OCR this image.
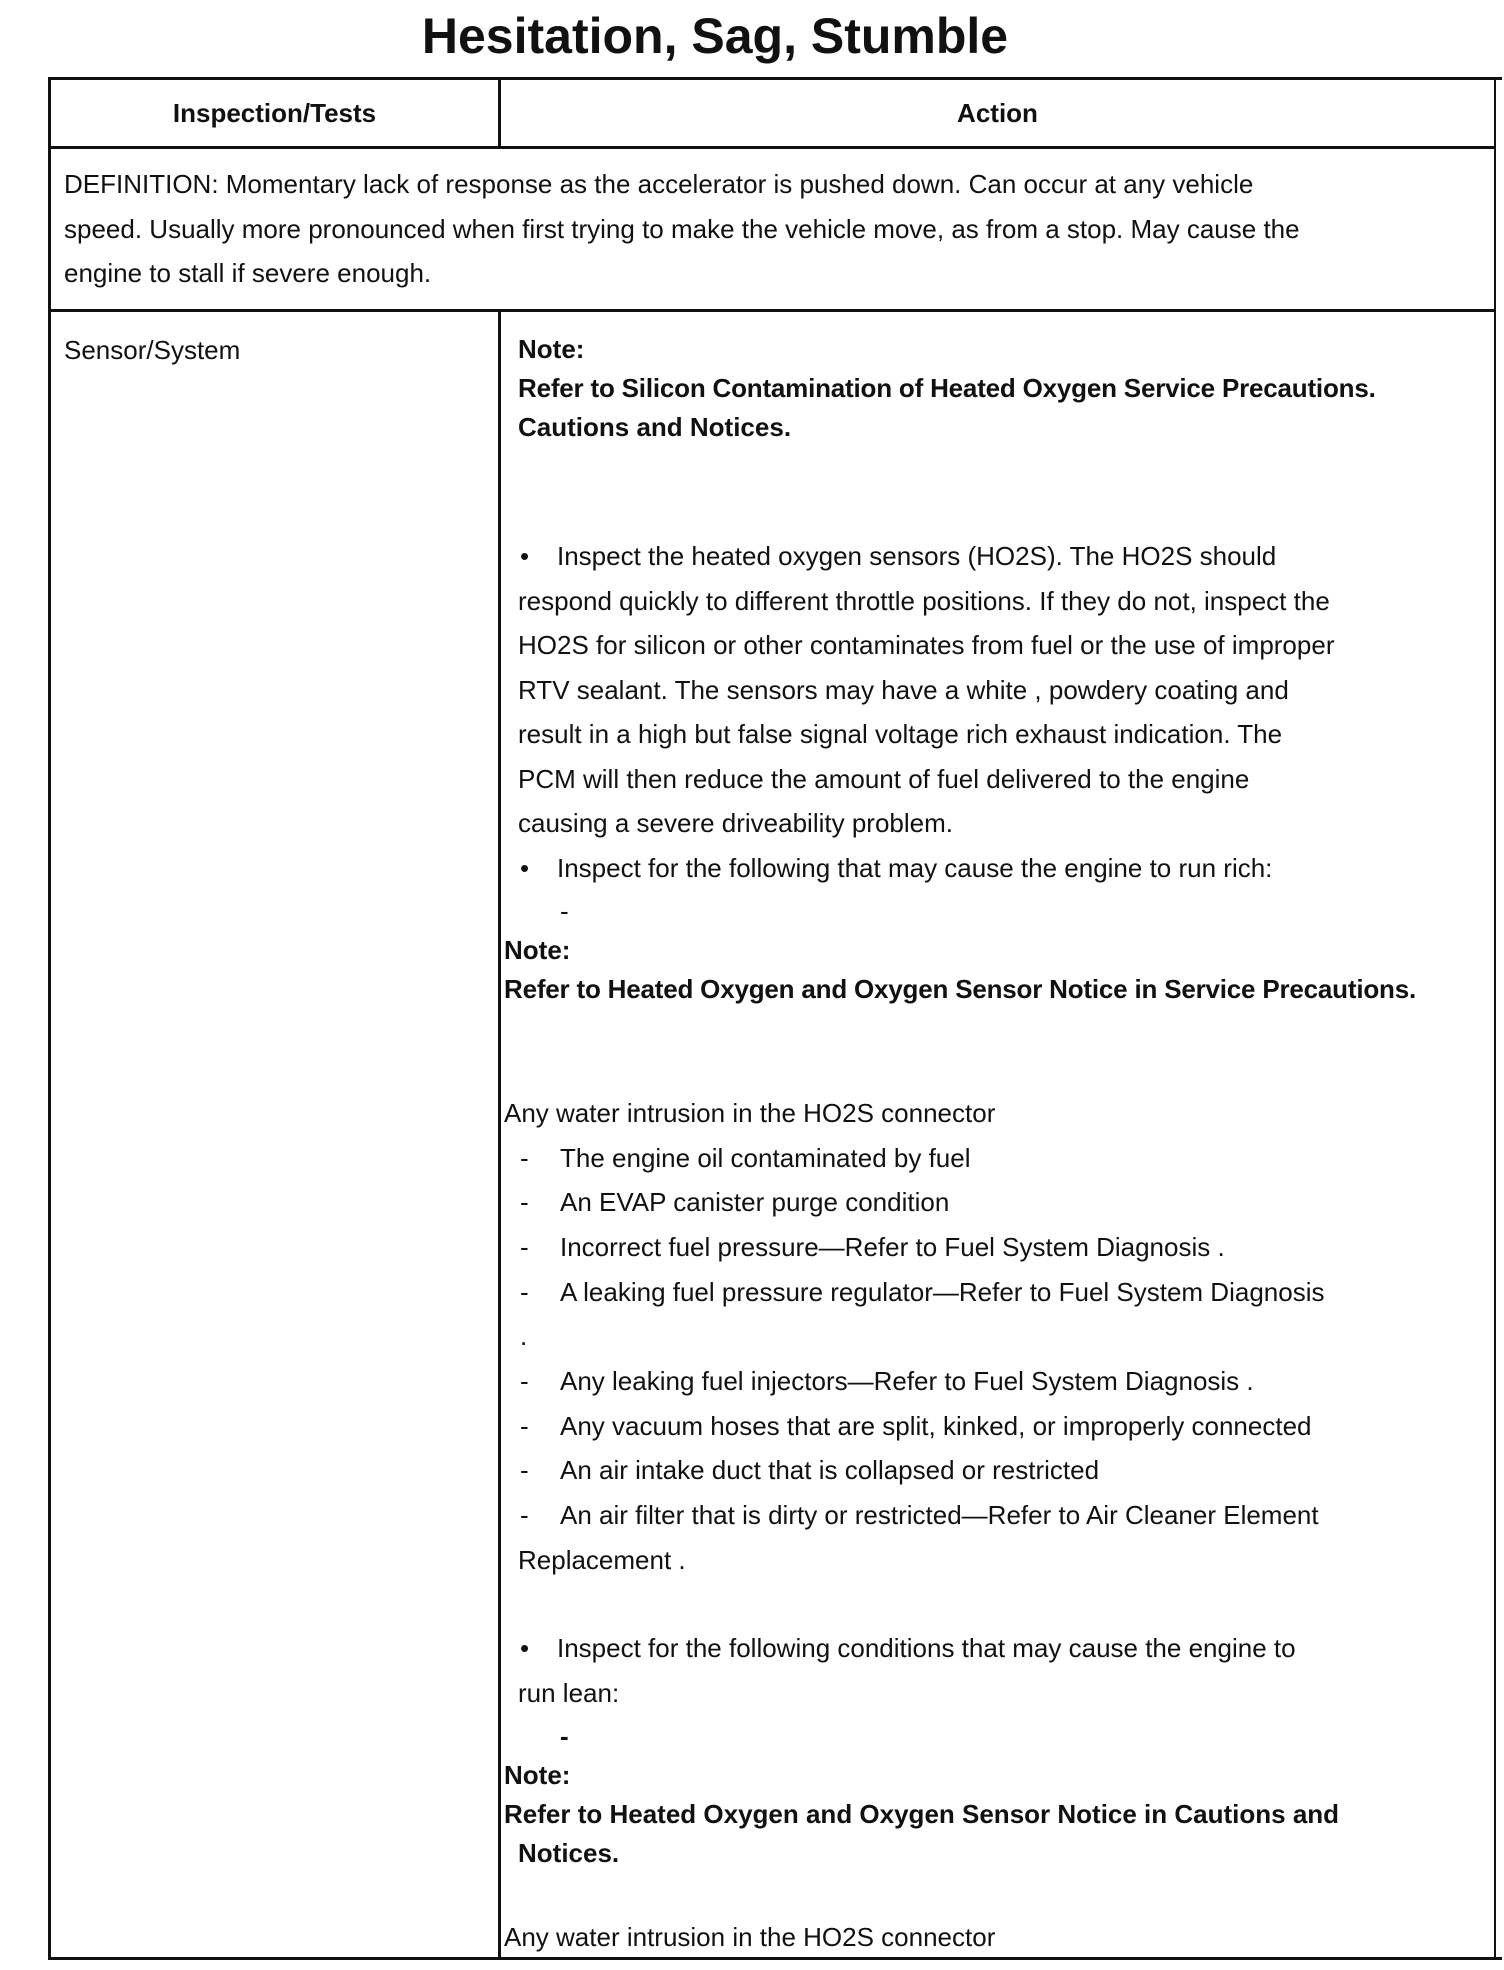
Hesitation, Sag, Stumble
Inspection/Tests	Action
DEFINITION: Momentary lack of response as the accelerator is pushed down. Can occur at any vehicle
speed. Usually more pronounced when first trying to make the vehicle move, as from a stop. May cause the
engine to stall if severe enough.
Sensor/System	Note:
Refer to Silicon Contamination of Heated Oxygen Service Precautions.
Cautions and Notices.
• Inspect the heated oxygen sensors (HO2S). The HO2S should
respond quickly to different throttle positions. If they do not, inspect the
HO2S for silicon or other contaminates from fuel or the use of improper
RTV sealant. The sensors may have a white , powdery coating and
result in a high but false signal voltage rich exhaust indication. The
PCM will then reduce the amount of fuel delivered to the engine
causing a severe driveability problem.
• Inspect for the following that may cause the engine to run rich:
-
Note:
Refer to Heated Oxygen and Oxygen Sensor Notice in Service Precautions.
Any water intrusion in the HO2S connector
- The engine oil contaminated by fuel
- An EVAP canister purge condition
- Incorrect fuel pressure—Refer to Fuel System Diagnosis .
- A leaking fuel pressure regulator—Refer to Fuel System Diagnosis
.
- Any leaking fuel injectors—Refer to Fuel System Diagnosis .
- Any vacuum hoses that are split, kinked, or improperly connected
- An air intake duct that is collapsed or restricted
- An air filter that is dirty or restricted—Refer to Air Cleaner Element
Replacement .
• Inspect for the following conditions that may cause the engine to
run lean:
-
Note:
Refer to Heated Oxygen and Oxygen Sensor Notice in Cautions and
Notices.
Any water intrusion in the HO2S connector
